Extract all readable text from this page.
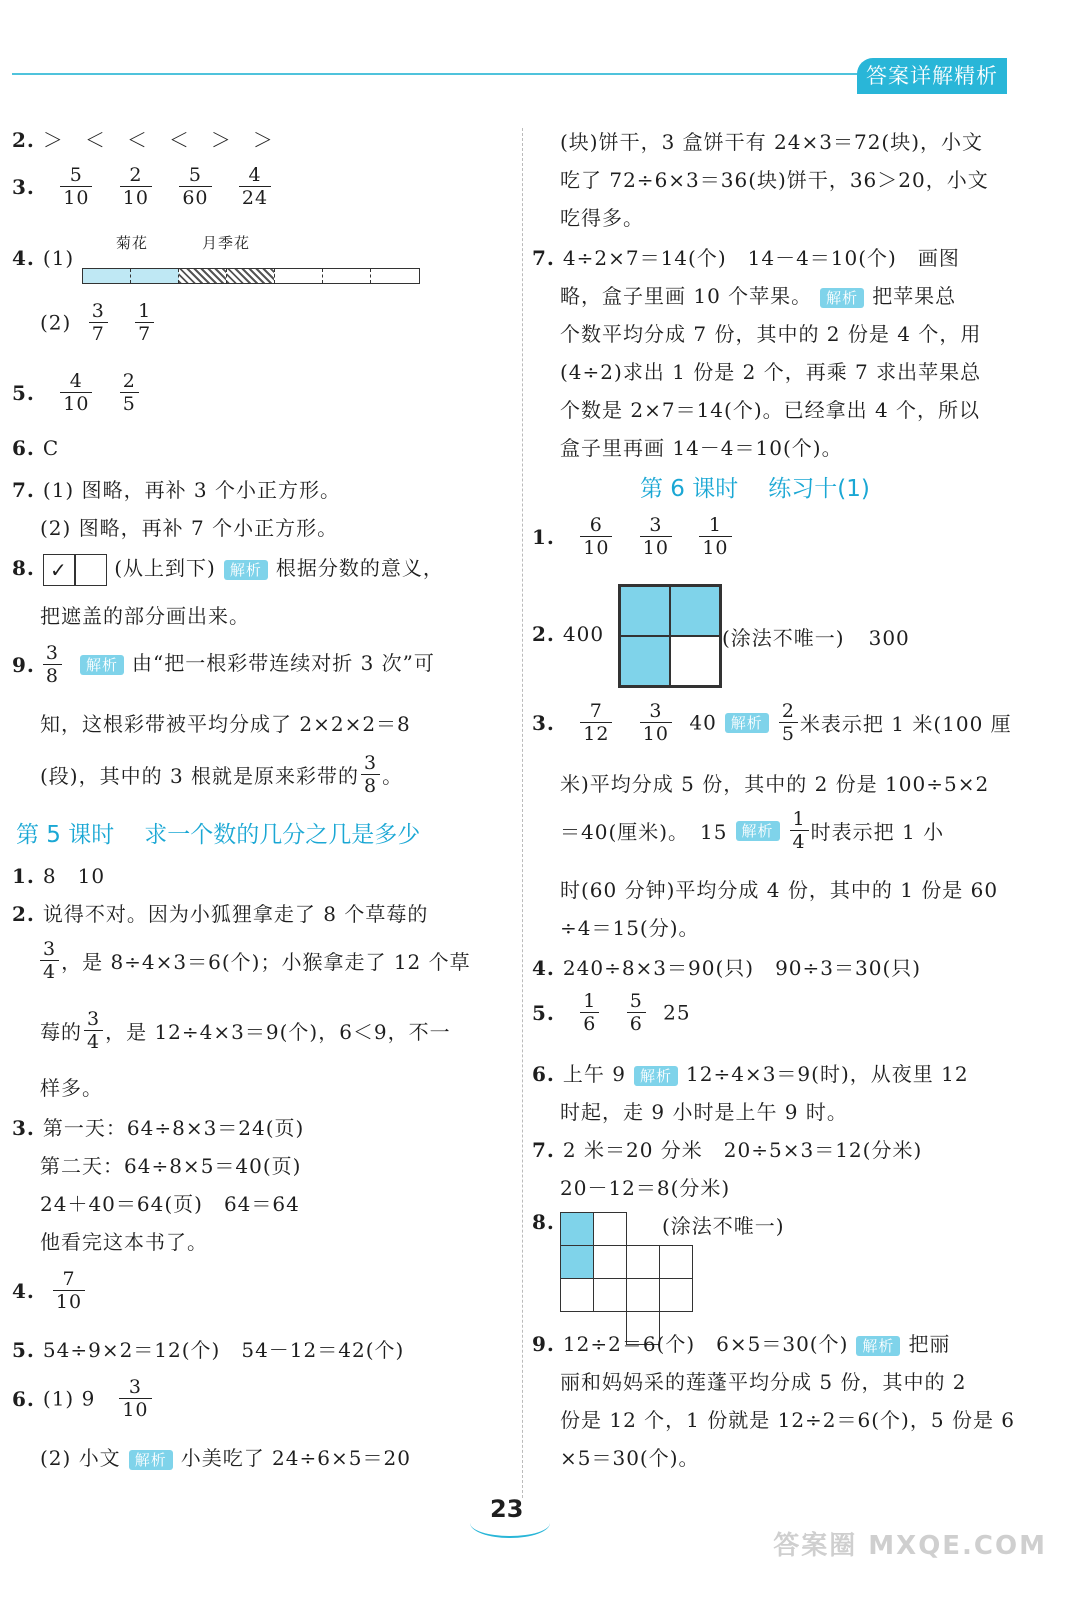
答案详解精析
2. ＞　＜　＜　＜　＞　＞
3. $\frac{5}{10}$
$\frac{2}{10}$
$\frac{5}{60}$
$\frac{4}{24}$
4. (1)
菊花	月季花
$(2) \frac{3}{7}$
$\frac{1}{7}$
5. $\frac{4}{10}$
$\frac{2}{5}$
6. C
7. (1) 图略，再补 3 个小正方形。
(2) 图略，再补 7 个小正方形。
8. ✓ (从上到下) 解析 根据分数的意义，
把遮盖的部分画出来。
9. $\frac{3}{8}$ 解析 由“把一根彩带连续对折 3 次”可
知，这根彩带被平均分成了 2×2×2＝8
(段)，其中的 3 根就是原来彩带的 $\frac{3}{8}$ 。
第 5 课时 求一个数的几分之几是多少
1. 8　10
2. 说得不对。因为小狐狸拿走了 8 个草莓的
$\frac{3}{4}$ ，是 8÷4×3＝6(个)；小猴拿走了 12 个草
莓的 $\frac{3}{4}$ ，是 12÷4×3＝9(个)，6＜9，不一
样多。
3. 第一天：64÷8×3＝24(页)
第二天：64÷8×5＝40(页)
24＋40＝64(页)　64＝64
他看完这本书了。
4. $\frac{7}{10}$
5. 54÷9×2＝12(个)　54－12＝42(个)
6. (1) $9 \frac{3}{10}$
(2) 小文 解析 小美吃了 24÷6×5＝20
(块)饼干，3 盒饼干有 24×3＝72(块)，小文
吃了 72÷6×3＝36(块)饼干，36＞20，小文
吃得多。
7. 4÷2×7＝14(个)　14－4＝10(个)　画图
略，盒子里画 10 个苹果。 解析 把苹果总
个数平均分成 7 份，其中的 2 份是 4 个，用
(4÷2)求出 1 份是 2 个，再乘 7 求出苹果总
个数是 2×7＝14(个)。已经拿出 4 个，所以
盒子里再画 14－4＝10(个)。
第 6 课时 练习十(1)
1. $\frac{6}{10}$
$\frac{3}{10}$
$\frac{1}{10}$
2. 400	(涂法不唯一) 300
3. $\frac{7}{12}$
$\frac{3}{10} 40$ 解析 $\frac{2}{5}$ 米表示把 1 米(100 厘
米)平均分成 5 份，其中的 2 份是 100÷5×2
＝40(厘米)。　15 解析 $\frac{1}{4}$ 时表示把 1 小
时(60 分钟)平均分成 4 份，其中的 1 份是 60
÷4＝15(分)。
4. 240÷8×3＝90(只)　90÷3＝30(只)
5. $\frac{1}{6}$
$\frac{5}{6} 25$
6. 上午 9 解析 12÷4×3＝9(时)，从夜里 12
时起，走 9 小时是上午 9 时。
7. 2 米＝20 分米　20÷5×3＝12(分米)
20－12＝8(分米)
8.	(涂法不唯一)
9. 12÷2＝6(个)　6×5＝30(个) 解析 把丽
丽和妈妈采的莲蓬平均分成 5 份，其中的 2
份是 12 个，1 份就是 12÷2＝6(个)，5 份是 6
×5＝30(个)。
23
答案圈 MXQE.COM
